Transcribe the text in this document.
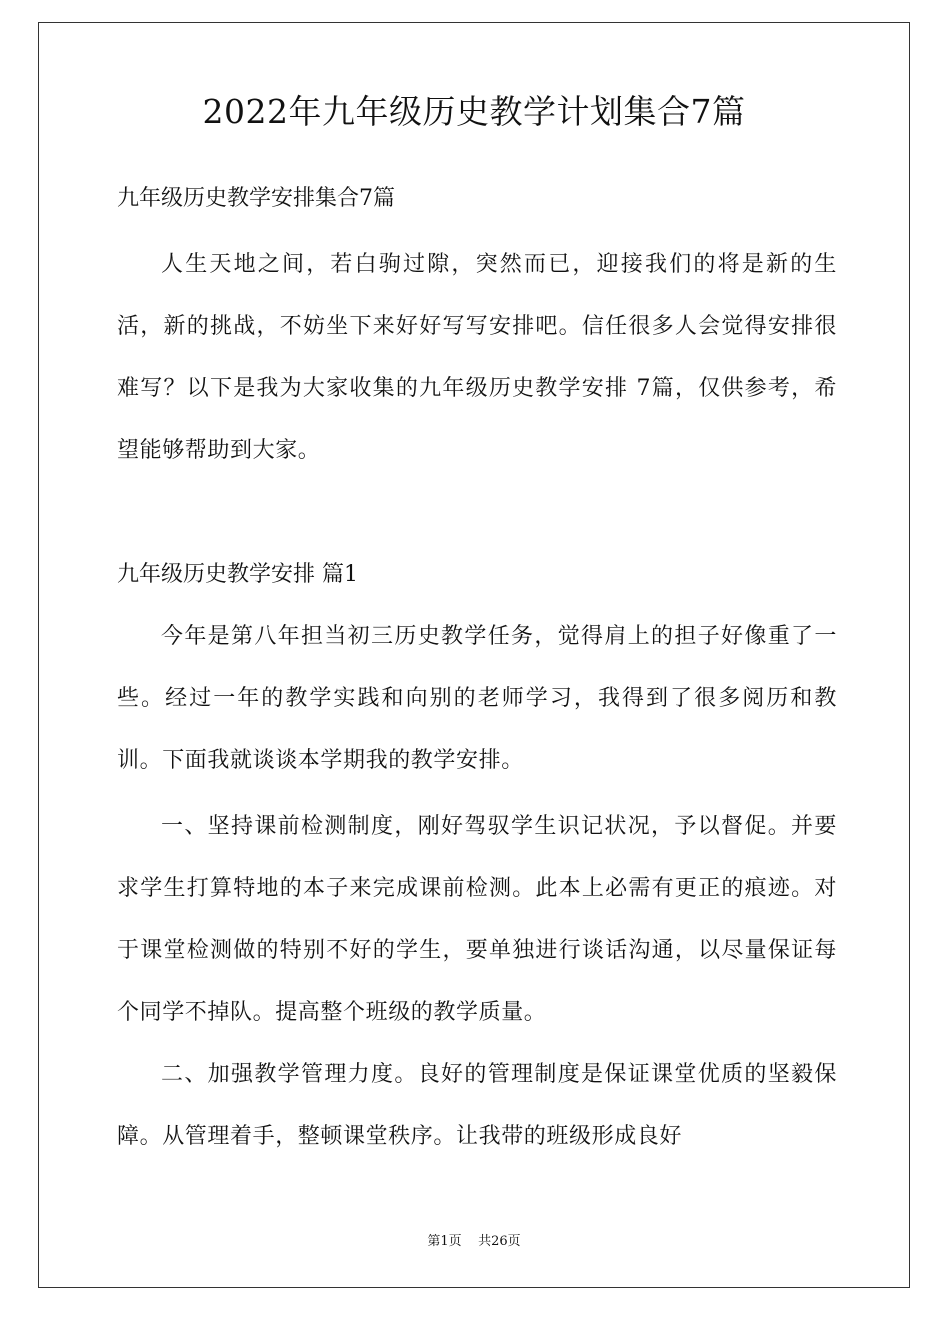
2022年九年级历史教学计划集合7篇

九年级历史教学安排集合7篇

人生天地之间，若白驹过隙，突然而已，迎接我们的将是新的生活，新的挑战，不妨坐下来好好写写安排吧。信任很多人会觉得安排很难写？以下是我为大家收集的九年级历史教学安排 7篇，仅供参考，希望能够帮助到大家。

九年级历史教学安排 篇1

今年是第八年担当初三历史教学任务，觉得肩上的担子好像重了一些。经过一年的教学实践和向别的老师学习，我得到了很多阅历和教训。下面我就谈谈本学期我的教学安排。

一、坚持课前检测制度，刚好驾驭学生识记状况，予以督促。并要求学生打算特地的本子来完成课前检测。此本上必需有更正的痕迹。对于课堂检测做的特别不好的学生，要单独进行谈话沟通，以尽量保证每个同学不掉队。提高整个班级的教学质量。

二、加强教学管理力度。良好的管理制度是保证课堂优质的坚毅保障。从管理着手，整顿课堂秩序。让我带的班级形成良好

第1页    共26页
